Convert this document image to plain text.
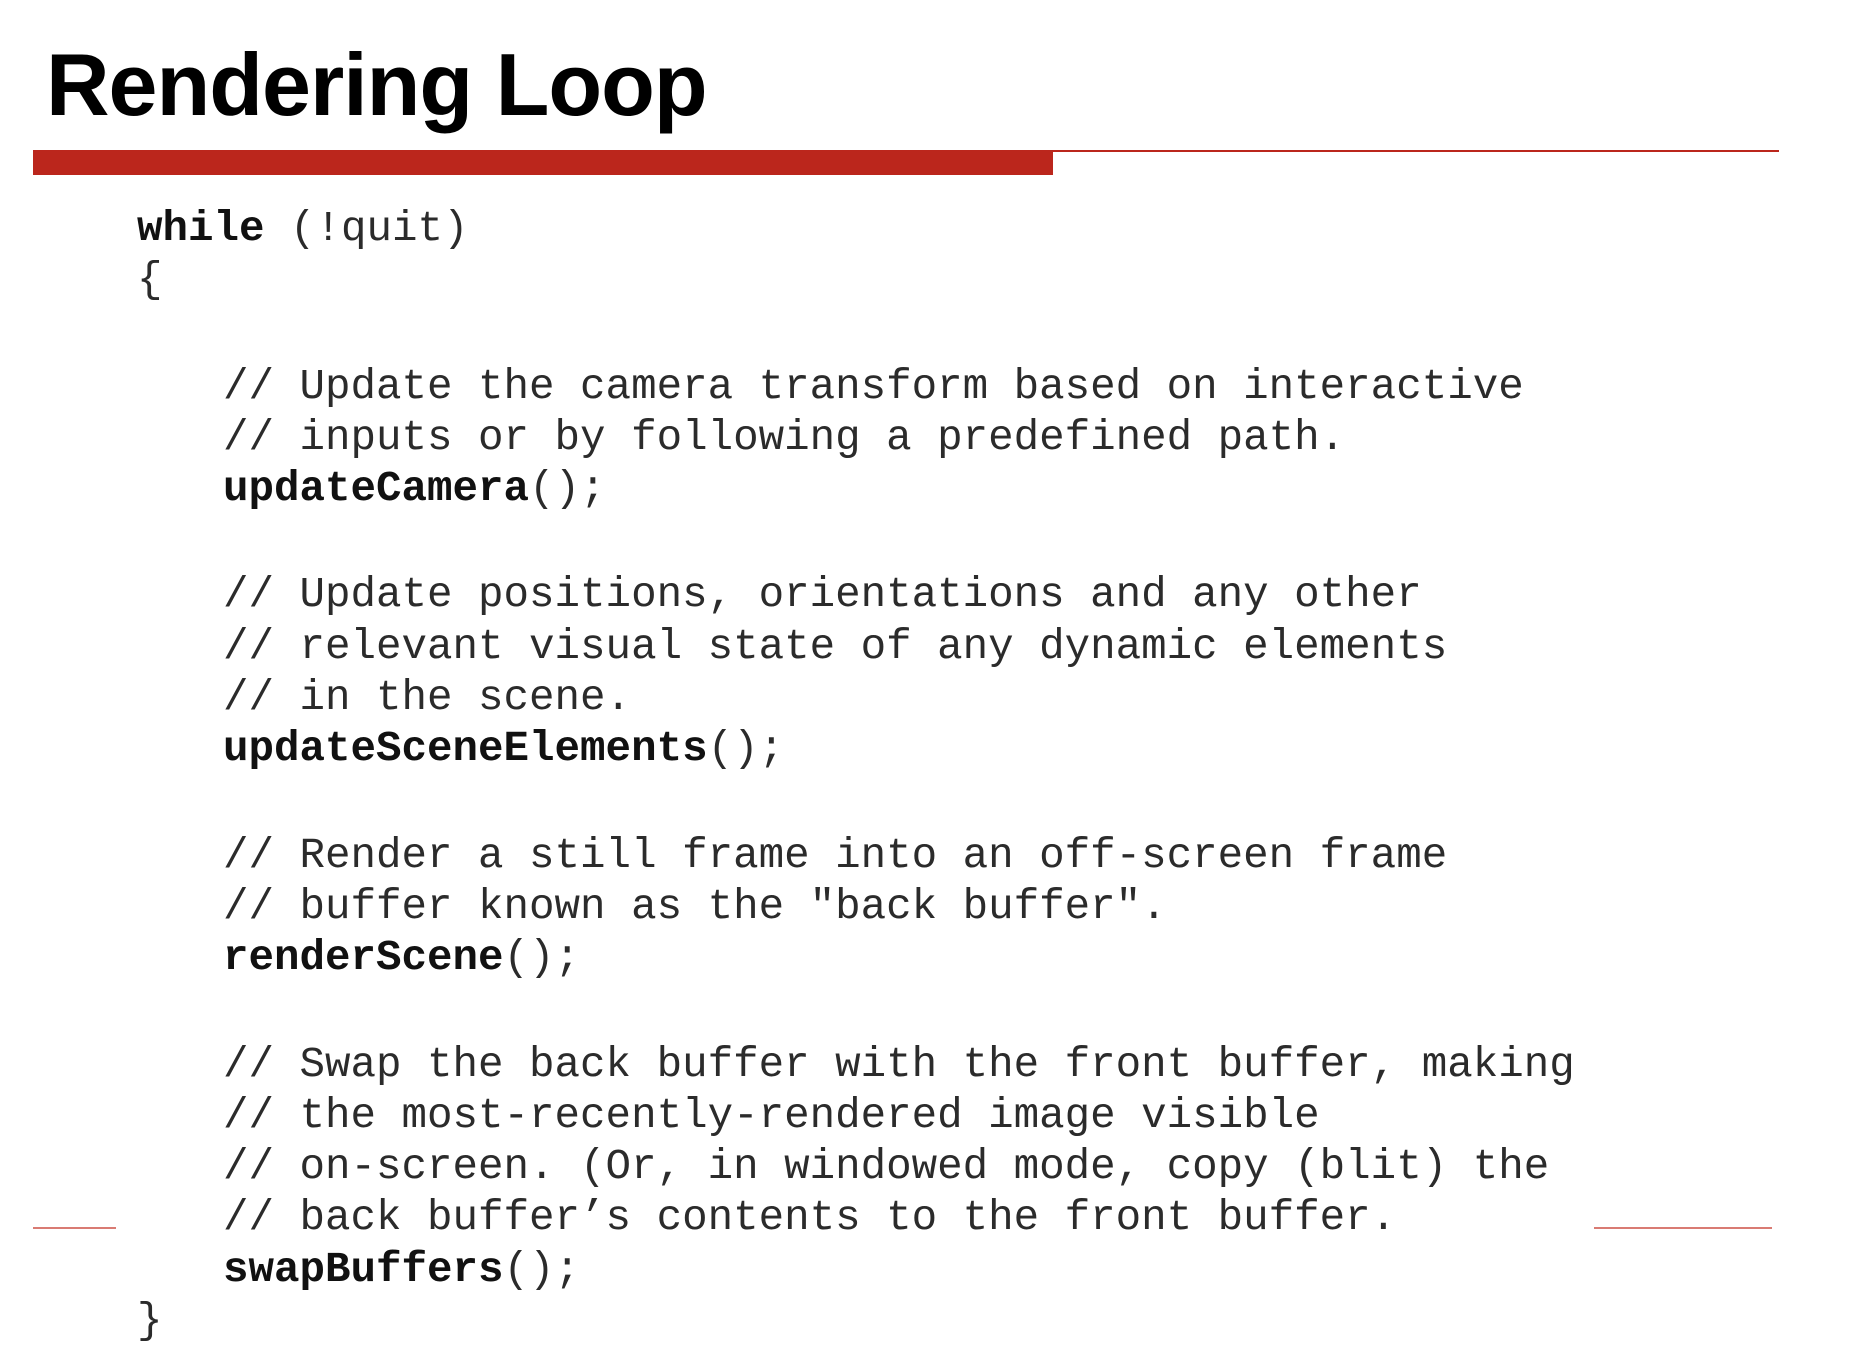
Rendering Loop
while (!quit)
{
// Update the camera transform based on interactive
// inputs or by following a predefined path.
updateCamera();
// Update positions, orientations and any other
// relevant visual state of any dynamic elements
// in the scene.
updateSceneElements();
// Render a still frame into an off-screen frame
// buffer known as the "back buffer".
renderScene();
// Swap the back buffer with the front buffer, making
// the most-recently-rendered image visible
// on-screen. (Or, in windowed mode, copy (blit) the
// back buffer’s contents to the front buffer.
swapBuffers();
}
